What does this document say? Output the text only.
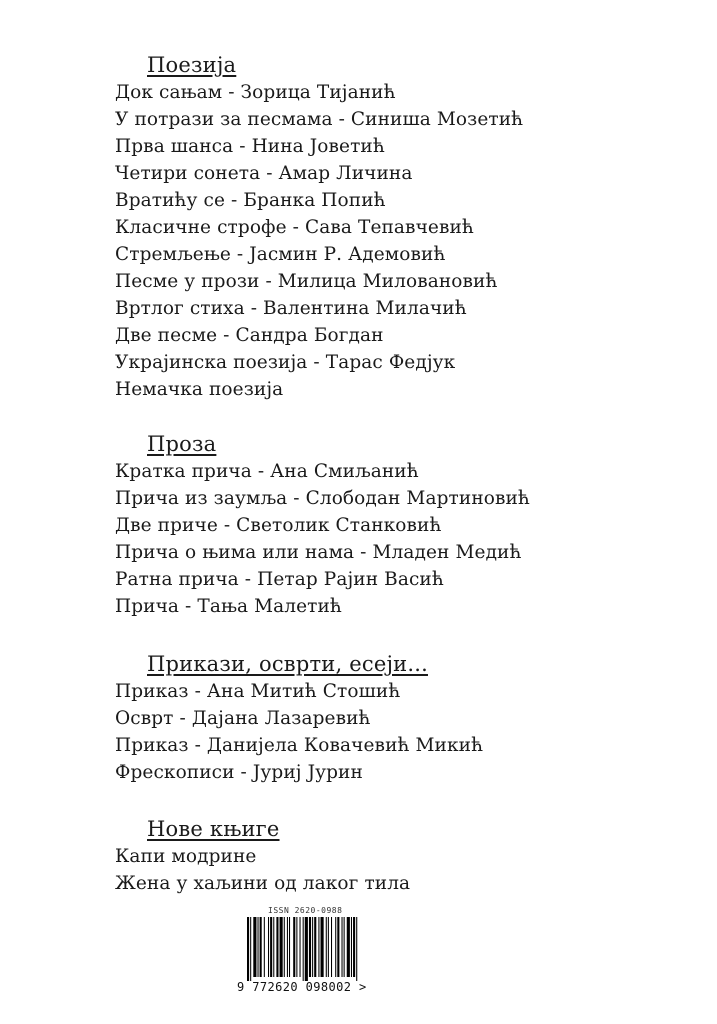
Поезија
Док сањам - Зорица Тијанић
У потрази за песмама - Синиша Мозетић
Прва шанса - Нина Јоветић
Четири сонета - Амар Личина
Вратићу се - Бранка Попић
Класичне строфе - Сава Тепавчевић
Стремљење - Јасмин Р. Адемовић
Песме у прози - Милица Миловановић
Вртлог стиха - Валентина Милачић
Две песме - Сандра Богдан
Украјинска поезија - Тарас Федјук
Немачка поезија
Проза
Кратка прича - Ана Смиљанић
Прича из заумља - Слободан Мартиновић
Две приче - Светолик Станковић
Прича о њима или нама - Младен Медић
Ратна прича - Петар Рајин Васић
Прича - Тања Малетић
Прикази, осврти, есеји...
Приказ - Ана Митић Стошић
Осврт - Дајана Лазаревић
Приказ - Данијела Ковачевић Микић
Фрескописи - Јуриј Јурин
Нове књиге
Капи модрине
Жена у хаљини од лаког тила
ISSN 2620-0988
9 772620 098002 >
